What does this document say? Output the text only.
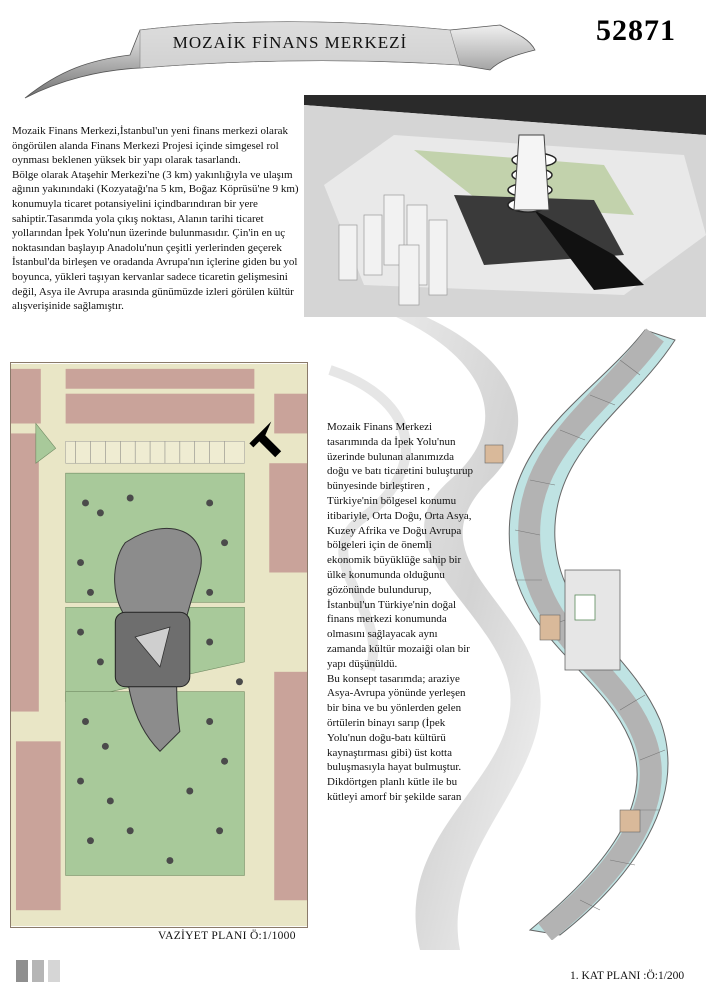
MOZAİK FİNANS MERKEZİ	52871

Mozaik Finans Merkezi,İstanbul'un yeni finans merkezi olarak öngörülen alanda Finans Merkezi Projesi içinde simgesel rol oynması beklenen yüksek bir yapı olarak tasarlandı.

Bölge olarak Ataşehir Merkezi'ne (3 km) yakınlığıyla ve ulaşım ağının yakınındaki (Kozyatağı'na 5 km, Boğaz Köprüsü'ne 9 km) konumuyla ticaret potansiyelini içindbarındıran bir yere sahiptir.Tasarımda yola çıkış noktası, Alanın tarihi ticaret yollarından İpek Yolu'nun üzerinde bulunmasıdır. Çin'in en uç noktasından başlayıp Anadolu'nun çeşitli yerlerinden geçerek İstanbul'da birleşen ve oradanda Avrupa'nın içlerine giden bu yol boyunca, yükleri taşıyan kervanlar sadece ticaretin gelişmesini değil, Asya ile Avrupa arasında günümüzde izleri görülen kültür alışverişinide sağlamıştır.

VAZİYET PLANI Ö:1/1000

Mozaik Finans Merkezi tasarımında da İpek Yolu'nun üzerinde bulunan alanımızda doğu ve batı ticaretini buluşturup bünyesinde birleştiren , Türkiye'nin bölgesel konumu itibariyle, Orta Doğu, Orta Asya, Kuzey Afrika ve Doğu Avrupa bölgeleri için de önemli ekonomik büyüklüğe sahip bir ülke konumunda olduğunu gözönünde bulundurup, İstanbul'un Türkiye'nin doğal finans merkezi konumunda olmasını sağlayacak aynı zamanda kültür mozaiği olan bir yapı düşünüldü.

Bu konsept tasarımda; araziye Asya-Avrupa yönünde yerleşen bir bina ve bu yönlerden gelen örtülerin binayı sarıp (İpek Yolu'nun doğu-batı kültürü kaynaştırması gibi) üst kotta buluşmasıyla hayat bulmuştur. Dikdörtgen planlı kütle ile bu kütleyi amorf bir şekilde saran

1. KAT PLANI :Ö:1/200
